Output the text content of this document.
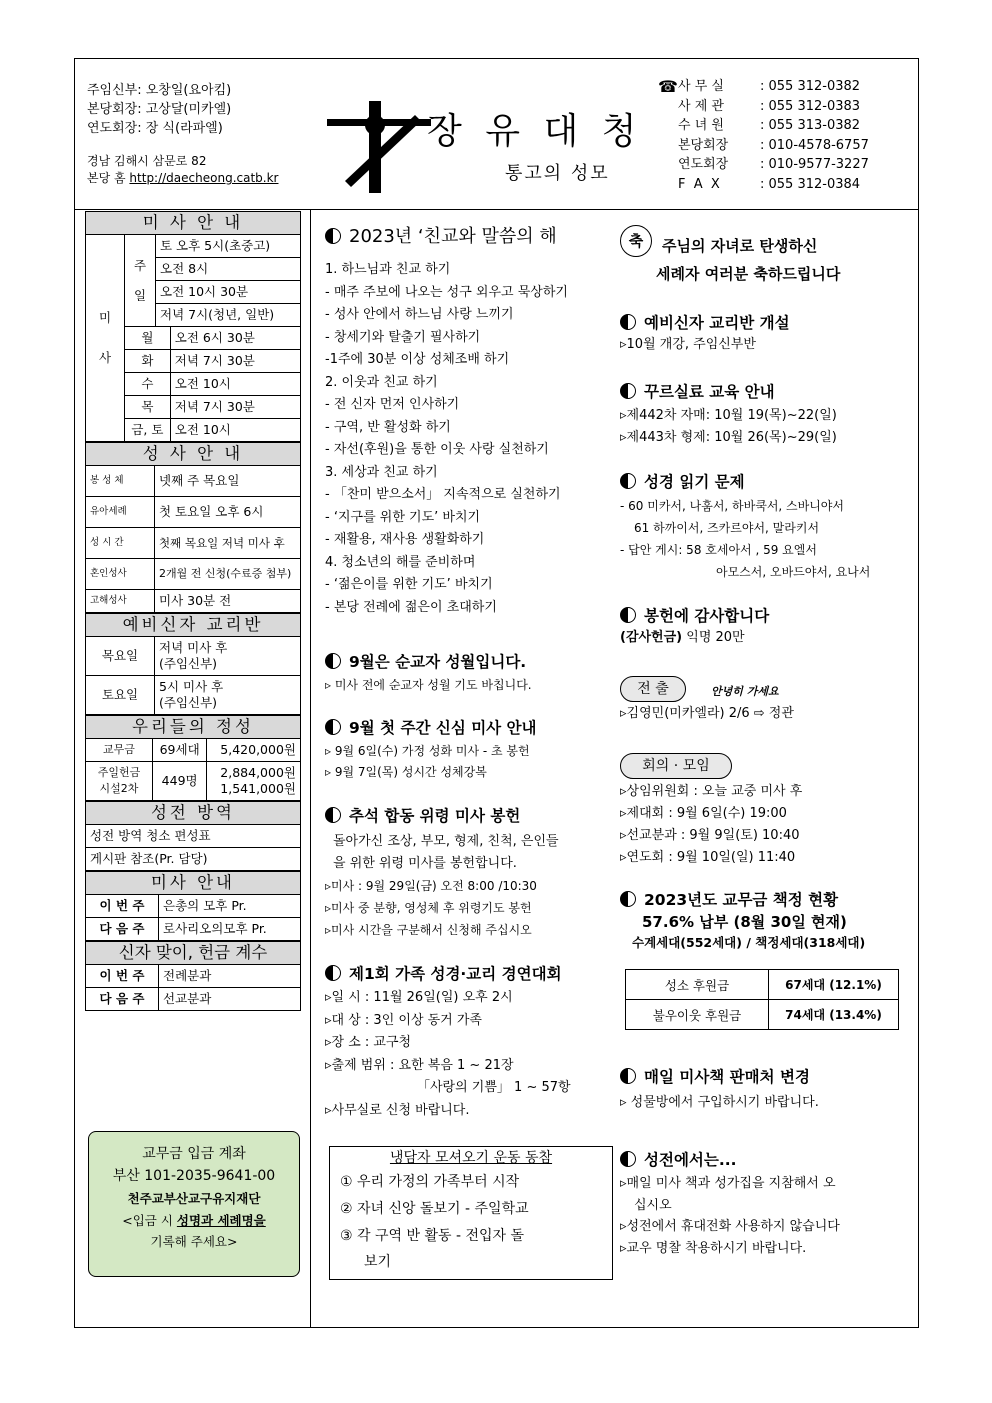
주임신부: 오창일(요아킴)
본당회장: 고상달(미카엘)
연도회장: 장 식(라파엘)
경남 김해시 삼문로 82
본당 홈 http://daecheong.catb.kr
장 유 대 청
통고의 성모
☎ 사 무 실	: 055 312-0382
사 제 관	: 055 312-0383
수 녀 원	: 055 313-0382
본당회장 : 010-4578-6757
연도회장 : 010-9577-3227
F  A  X	: 055 312-0384
미 사 안 내			
미

사	주

일	토 오후 5시(초중고)	
		오전 8시	
		오전 10시 30분	
		저녁 7시(청년, 일반)	
	월		오전 6시 30분
	화		저녁 7시 30분
	수		오전 10시
	목		저녁 7시 30분
	금, 토		오전 10시
성 사 안 내	
봉 성 체	넷째 주 목요일
유아세례	첫 토요일 오후 6시
성 시 간	첫째 목요일 저녁 미사 후
혼인성사	2개월 전 신청(수료증 첨부)
고해성사	미사 30분 전
예비신자 교리반	
목요일	저녁 미사 후
(주임신부)
토요일	5시 미사 후
(주임신부)
우리들의 정성		
교무금	69세대	5,420,000원
주일헌금
시설2차	449명	2,884,000원
1,541,000원
성전 방역
성전 방역 청소 편성표
게시판 참조(Pr. 담당)
미사 안내	
이 번 주	은총의 모후 Pr.
다 음 주	로사리오의모후 Pr.
신자 맞이, 헌금 계수	
이 번 주	전례분과
다 음 주	선교분과
교무금 입금 계좌
부산 101-2035-9641-00
천주교부산교구유지재단
<입금 시 성명과 세례명을
기록해 주세요>
2023년 ‘친교와 말씀의 해
1. 하느님과 친교 하기
- 매주 주보에 나오는 성구 외우고 묵상하기
- 성사 안에서 하느님 사랑 느끼기
- 창세기와 탈출기 필사하기
-1주에 30분 이상 성체조배 하기
2. 이웃과 친교 하기
- 전 신자 먼저 인사하기
- 구역, 반 활성화 하기
- 자선(후원)을 통한 이웃 사랑 실천하기
3. 세상과 친교 하기
- 「찬미 받으소서」 지속적으로 실천하기
- ‘지구를 위한 기도’ 바치기
- 재활용, 재사용 생활화하기
4. 청소년의 해를 준비하며
- ‘젊은이를 위한 기도’ 바치기
- 본당 전례에 젊은이 초대하기
9월은 순교자 성월입니다.
▹ 미사 전에 순교자 성월 기도 바칩니다.
9월 첫 주간 신심 미사 안내
▹ 9월 6일(수) 가정 성화 미사 - 초 봉헌
▹ 9월 7일(목) 성시간 성체강복
추석 합동 위령 미사 봉헌
돌아가신 조상, 부모, 형제, 친척, 은인들
을 위한 위령 미사를 봉헌합니다.
▹미사 : 9월 29일(금) 오전 8:00 /10:30
▹미사 중 분향, 영성체 후 위령기도 봉헌
▹미사 시간을 구분해서 신청해 주십시오
제1회 가족 성경·교리 경연대회
▹일 시 : 11월 26일(일) 오후 2시
▹대 상 : 3인 이상 동거 가족
▹장 소 : 교구청
▹출제 범위 : 요한 복음 1 ~ 21장
「사랑의 기쁨」 1 ~ 57항
▹사무실로 신청 바랍니다.
냉담자 모셔오기 운동 동참
① 우리 가정의 가족부터 시작
② 자녀 신앙 돌보기 - 주일학교
③ 각 구역 반 활동 - 전입자 돌
보기
축	주님의 자녀로 탄생하신
세례자 여러분 축하드립니다
예비신자 교리반 개설
▹10월 개강, 주임신부반
꾸르실료 교육 안내
▹제442차 자매: 10월 19(목)~22(일)
▹제443차 형제: 10월 26(목)~29(일)
성경 읽기 문제
- 60 미카서, 나훔서, 하바쿡서, 스바니야서
61 하까이서, 즈카르야서, 말라키서
- 답안 게시: 58 호세아서 , 59 요엘서
아모스서, 오바드야서, 요나서
봉헌에 감사합니다
(감사헌금) 익명 20만
전 출	안녕히 가세요
▹김영민(미카엘라) 2/6 ⇨ 정관
회의 · 모임
▹상임위원회 : 오늘 교중 미사 후
▹제대회 : 9월 6일(수) 19:00
▹선교분과 : 9월 9일(토) 10:40
▹연도회 : 9월 10일(일) 11:40
2023년도 교무금 책정 현황
57.6% 납부 (8월 30일 현재)
수계세대(552세대) / 책정세대(318세대)
성소 후원금	67세대 (12.1%)
불우이웃 후원금	74세대 (13.4%)
매일 미사책 판매처 변경
▹ 성물방에서 구입하시기 바랍니다.
성전에서는...
▹매일 미사 책과 성가집을 지참해서 오
십시오
▹성전에서 휴대전화 사용하지 않습니다
▹교우 명찰 착용하시기 바랍니다.
